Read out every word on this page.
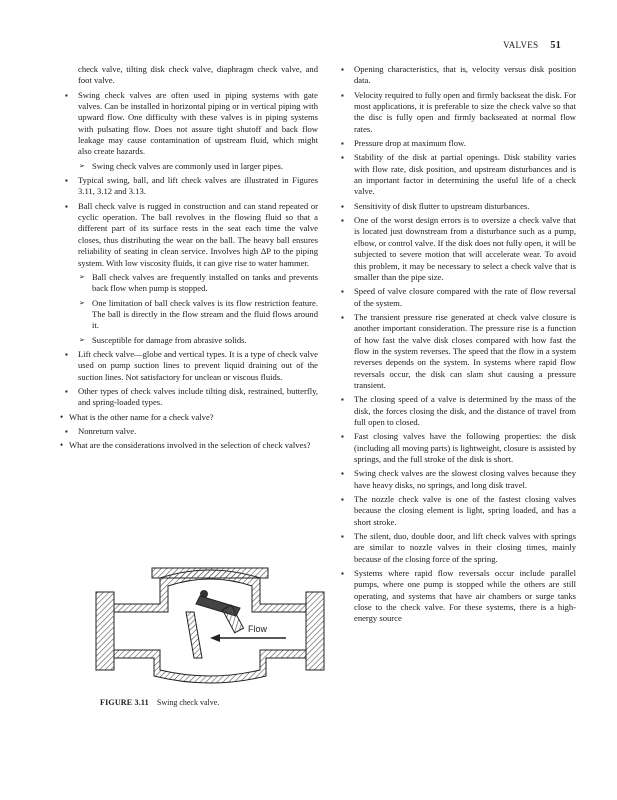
VALVES 51
check valve, tilting disk check valve, diaphragm check valve, and foot valve.
▪ Swing check valves are often used in piping systems with gate valves. Can be installed in horizontal piping or in vertical piping with upward flow. One difficulty with these valves is in piping systems with pulsating flow. Does not assure tight shutoff and back flow leakage may cause contamination of upstream fluid, which might also create hazards.
➢ Swing check valves are commonly used in larger pipes.
▪ Typical swing, ball, and lift check valves are illustrated in Figures 3.11, 3.12 and 3.13.
▪ Ball check valve is rugged in construction and can stand repeated or cyclic operation. The ball revolves in the flowing fluid so that a different part of its surface rests in the seat each time the valve closes, thus distributing the wear on the ball. The heavy ball ensures reliability of seating in clean service. Involves high ΔP to the piping system. With low viscosity fluids, it can give rise to water hammer.
➢ Ball check valves are frequently installed on tanks and prevents back flow when pump is stopped.
➢ One limitation of ball check valves is its flow restriction feature. The ball is directly in the flow stream and the fluid flows around it.
➢ Susceptible for damage from abrasive solids.
▪ Lift check valve—globe and vertical types. It is a type of check valve used on pump suction lines to prevent liquid draining out of the suction lines. Not satisfactory for unclean or viscous fluids.
▪ Other types of check valves include tilting disk, restrained, butterfly, and spring-loaded types.
• What is the other name for a check valve?
▪ Nonreturn valve.
• What are the considerations involved in the selection of check valves?
▪ Opening characteristics, that is, velocity versus disk position data.
▪ Velocity required to fully open and firmly backseat the disk. For most applications, it is preferable to size the check valve so that the disc is fully open and firmly backseated at normal flow rates.
▪ Pressure drop at maximum flow.
▪ Stability of the disk at partial openings. Disk stability varies with flow rate, disk position, and upstream disturbances and is an important factor in determining the useful life of a check valve.
▪ Sensitivity of disk flutter to upstream disturbances.
▪ One of the worst design errors is to oversize a check valve that is located just downstream from a disturbance such as a pump, elbow, or control valve. If the disk does not fully open, it will be subjected to severe motion that will accelerate wear. To avoid this problem, it may be necessary to select a check valve that is smaller than the pipe size.
▪ Speed of valve closure compared with the rate of flow reversal of the system.
▪ The transient pressure rise generated at check valve closure is another important consideration. The pressure rise is a function of how fast the valve disk closes compared with how fast the flow in the system reverses. The speed that the flow in a system reverses depends on the system. In systems where rapid flow reversals occur, the disk can slam shut causing a pressure transient.
▪ The closing speed of a valve is determined by the mass of the disk, the forces closing the disk, and the distance of travel from full open to closed.
▪ Fast closing valves have the following properties: the disk (including all moving parts) is lightweight, closure is assisted by springs, and the full stroke of the disk is short.
▪ Swing check valves are the slowest closing valves because they have heavy disks, no springs, and long disk travel.
▪ The nozzle check valve is one of the fastest closing valves because the closing element is light, spring loaded, and has a short stroke.
▪ The silent, duo, double door, and lift check valves with springs are similar to nozzle valves in their closing times, mainly because of the closing force of the spring.
▪ Systems where rapid flow reversals occur include parallel pumps, where one pump is stopped while the others are still operating, and systems that have air chambers or surge tanks close to the check valve. For these systems, there is a high-energy source
Flow
FIGURE 3.11 Swing check valve.
